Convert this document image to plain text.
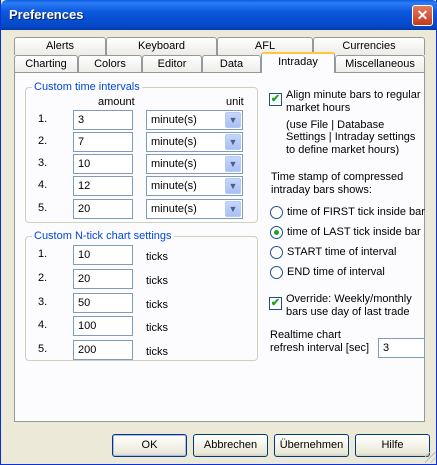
Preferences	✕
Alerts	Keyboard	AFL	Currencies
Charting	Colors	Editor	Data	Intraday	Miscellaneous
Custom time intervals
amount	unit
1.	3	minute(s)	▼
2.	7	minute(s)	▼
3.	10	minute(s)	▼
4.	12	minute(s)	▼
5.	20	minute(s)	▼
Custom N-tick chart settings
1.	10	ticks
2.	20	ticks
3.	50	ticks
4.	100	ticks
5.	200	ticks
✔ Align minute bars to regular
market hours
(use File | Database
Settings | Intraday settings
to define market hours)
Time stamp of compressed
intraday bars shows:
time of FIRST tick inside bar
time of LAST tick inside bar
START time of interval
END time of interval
✔ Override: Weekly/monthly
bars use day of last trade
Realtime chart
refresh interval [sec]	3
OK	Abbrechen	Übernehmen	Hilfe
